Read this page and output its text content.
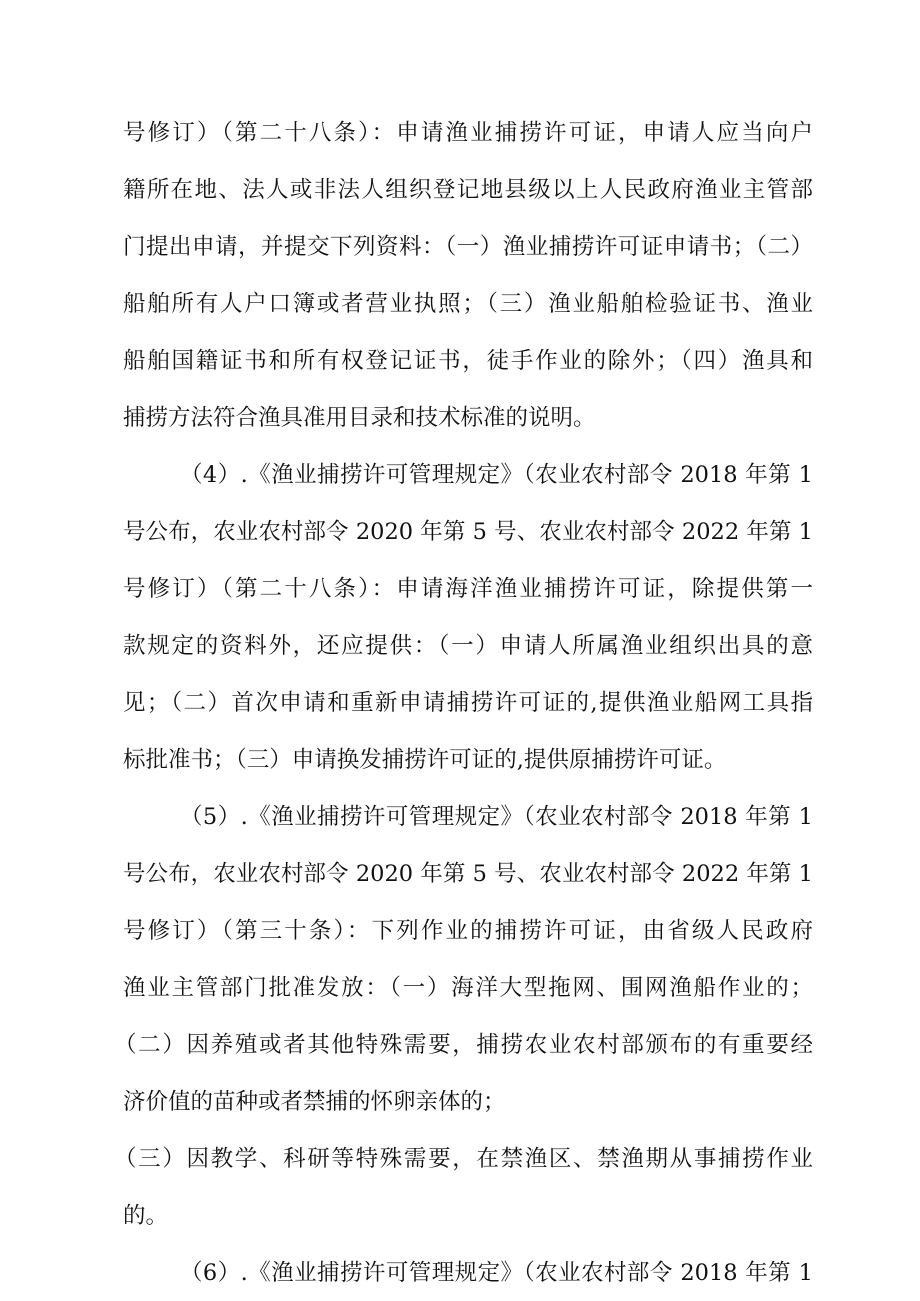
号修订）（第二十八条）：申请渔业捕捞许可证，申请人应当向户
籍所在地、法人或非法人组织登记地县级以上人民政府渔业主管部
门提出申请，并提交下列资料：（一）渔业捕捞许可证申请书；（二）
船舶所有人户口簿或者营业执照；（三）渔业船舶检验证书、渔业
船舶国籍证书和所有权登记证书，徒手作业的除外；（四）渔具和
捕捞方法符合渔具准用目录和技术标准的说明。
（4）.《渔业捕捞许可管理规定》（农业农村部令 2018 年第 1
号公布，农业农村部令 2020 年第 5 号、农业农村部令 2022 年第 1
号修订）（第二十八条）：申请海洋渔业捕捞许可证，除提供第一
款规定的资料外，还应提供：（一）申请人所属渔业组织出具的意
见；（二）首次申请和重新申请捕捞许可证的,提供渔业船网工具指
标批准书；（三）申请换发捕捞许可证的,提供原捕捞许可证。
（5）.《渔业捕捞许可管理规定》（农业农村部令 2018 年第 1
号公布，农业农村部令 2020 年第 5 号、农业农村部令 2022 年第 1
号修订）（第三十条）：下列作业的捕捞许可证，由省级人民政府
渔业主管部门批准发放：（一）海洋大型拖网、围网渔船作业的；
（二）因养殖或者其他特殊需要，捕捞农业农村部颁布的有重要经
济价值的苗种或者禁捕的怀卵亲体的；
（三）因教学、科研等特殊需要，在禁渔区、禁渔期从事捕捞作业
的。
（6）.《渔业捕捞许可管理规定》（农业农村部令 2018 年第 1
